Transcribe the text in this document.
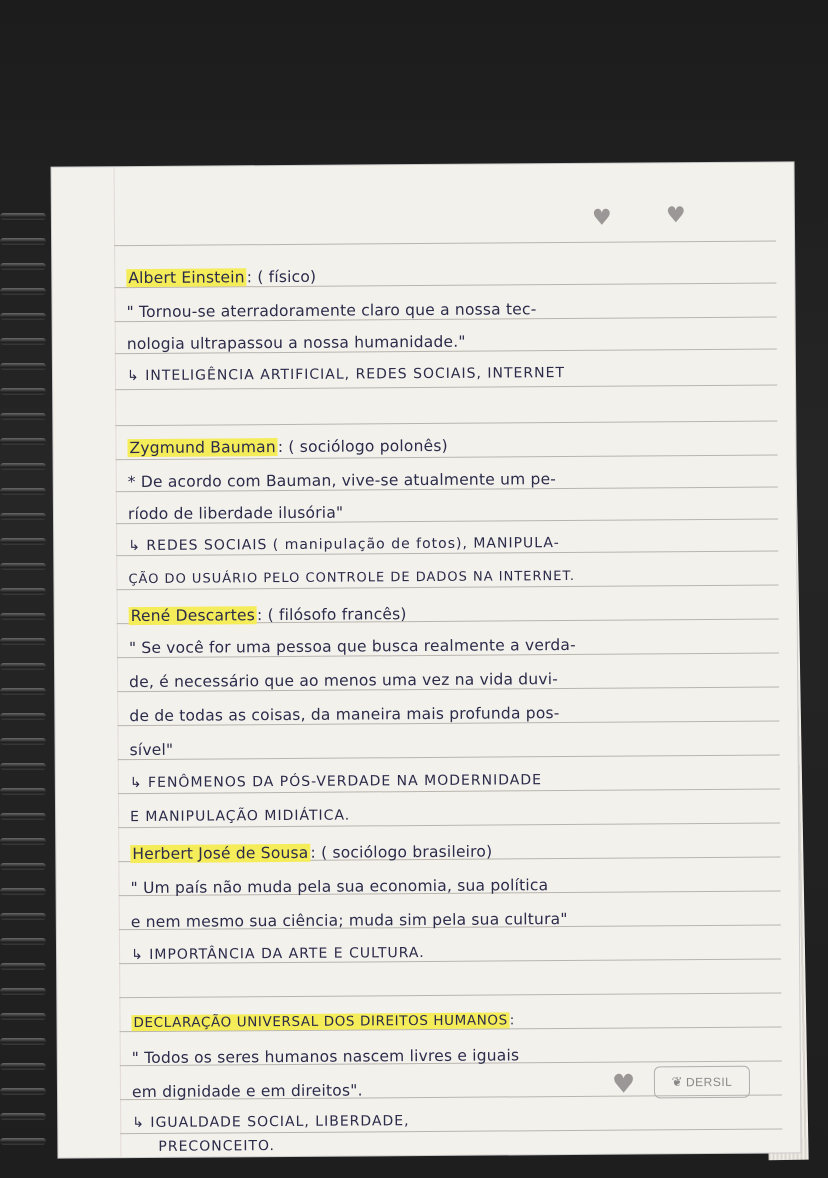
♥ ♥
♥	❦ DERSIL
Albert Einstein : ( físico)
" Tornou-se aterradoramente claro que a nossa tec-
nologia ultrapassou a nossa humanidade."
↳ INTELIGÊNCIA ARTIFICIAL, REDES SOCIAIS, INTERNET
Zygmund Bauman : ( sociólogo polonês)
* De acordo com Bauman, vive-se atualmente um pe-
ríodo de liberdade ilusória"
↳ REDES SOCIAIS ( manipulação de fotos), MANIPULA-
ÇÃO DO USUÁRIO PELO CONTROLE DE DADOS NA INTERNET.
René Descartes : ( filósofo francês)
" Se você for uma pessoa que busca realmente a verda-
de, é necessário que ao menos uma vez na vida duvi-
de de todas as coisas, da maneira mais profunda pos-
sível"
↳ FENÔMENOS DA PÓS-VERDADE NA MODERNIDADE
E MANIPULAÇÃO MIDIÁTICA.
Herbert José de Sousa : ( sociólogo brasileiro)
" Um país não muda pela sua economia, sua política
e nem mesmo sua ciência; muda sim pela sua cultura"
↳ IMPORTÂNCIA DA ARTE E CULTURA.
DECLARAÇÃO UNIVERSAL DOS DIREITOS HUMANOS :
" Todos os seres humanos nascem livres e iguais
em dignidade e em direitos".
↳ IGUALDADE SOCIAL, LIBERDADE,
PRECONCEITO.
